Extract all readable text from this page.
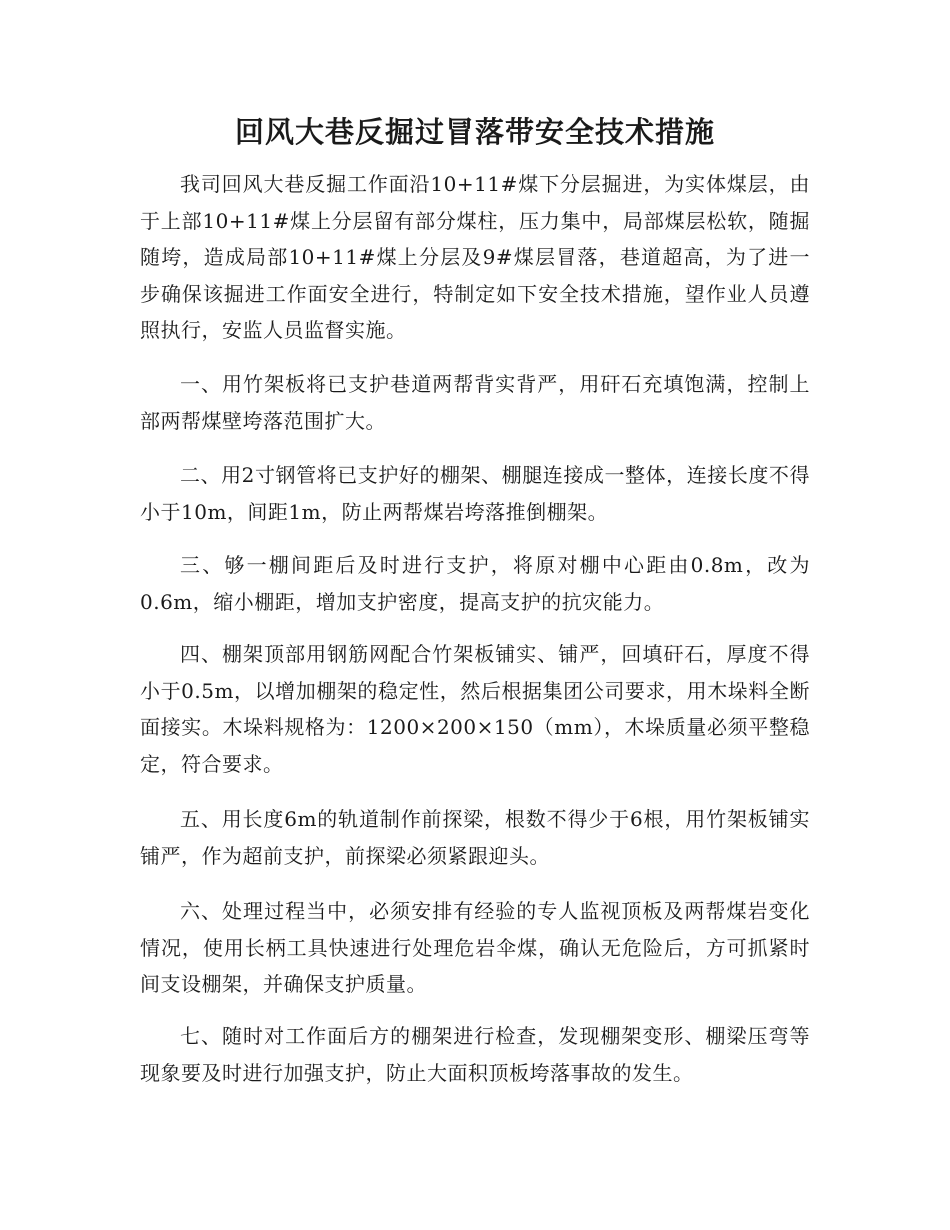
回风大巷反掘过冒落带安全技术措施

我司回风大巷反掘工作面沿10+11#煤下分层掘进，为实体煤层，由于上部10+11#煤上分层留有部分煤柱，压力集中，局部煤层松软，随掘随垮，造成局部10+11#煤上分层及9#煤层冒落，巷道超高，为了进一步确保该掘进工作面安全进行，特制定如下安全技术措施，望作业人员遵照执行，安监人员监督实施。

一、用竹架板将已支护巷道两帮背实背严，用矸石充填饱满，控制上部两帮煤壁垮落范围扩大。

二、用2寸钢管将已支护好的棚架、棚腿连接成一整体，连接长度不得小于10m，间距1m，防止两帮煤岩垮落推倒棚架。

三、够一棚间距后及时进行支护，将原对棚中心距由0.8m，改为0.6m，缩小棚距，增加支护密度，提高支护的抗灾能力。

四、棚架顶部用钢筋网配合竹架板铺实、铺严，回填矸石，厚度不得小于0.5m，以增加棚架的稳定性，然后根据集团公司要求，用木垛料全断面接实。木垛料规格为：1200×200×150（mm），木垛质量必须平整稳定，符合要求。

五、用长度6m的轨道制作前探梁，根数不得少于6根，用竹架板铺实铺严，作为超前支护，前探梁必须紧跟迎头。

六、处理过程当中，必须安排有经验的专人监视顶板及两帮煤岩变化情况，使用长柄工具快速进行处理危岩伞煤，确认无危险后，方可抓紧时间支设棚架，并确保支护质量。

七、随时对工作面后方的棚架进行检查，发现棚架变形、棚梁压弯等现象要及时进行加强支护，防止大面积顶板垮落事故的发生。
